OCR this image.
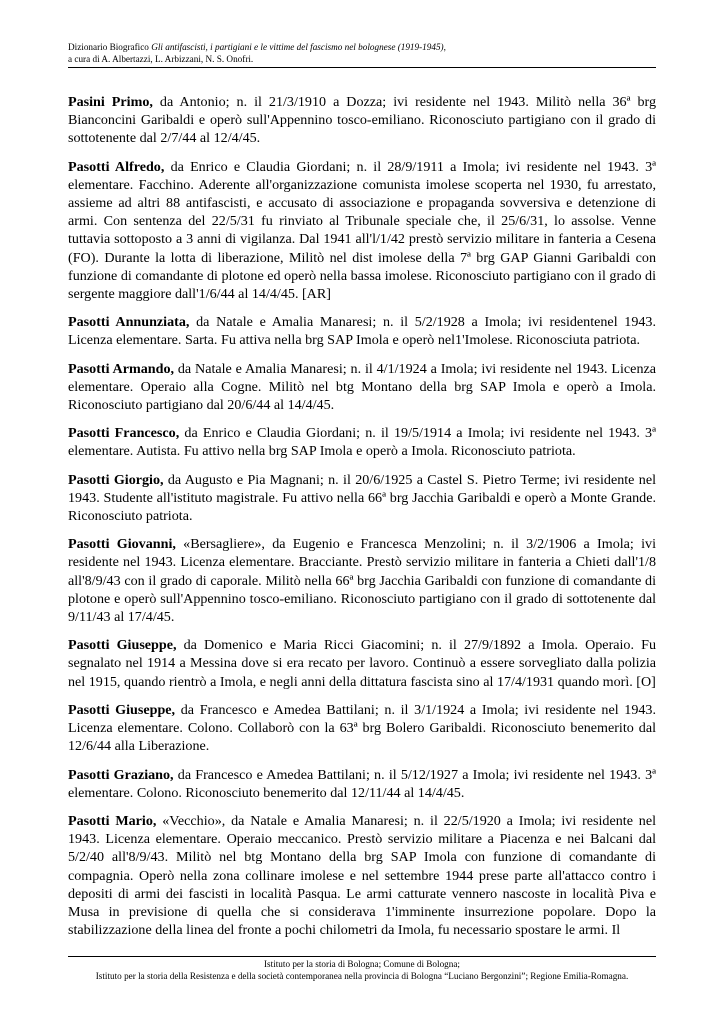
Dizionario Biografico Gli antifascisti, i partigiani e le vittime del fascismo nel bolognese (1919-1945),
a cura di A. Albertazzi, L. Arbizzani, N. S. Onofri.

Pasini Primo, da Antonio; n. il 21/3/1910 a Dozza; ivi residente nel 1943. Militò nella 36ª brg Bianconcini Garibaldi e operò sull'Appennino tosco-emiliano. Riconosciuto partigiano con il grado di sottotenente dal 2/7/44 al 12/4/45.

Pasotti Alfredo, da Enrico e Claudia Giordani; n. il 28/9/1911 a Imola; ivi residente nel 1943. 3ª elementare. Facchino. Aderente all'organizzazione comunista imolese scoperta nel 1930, fu arrestato, assieme ad altri 88 antifascisti, e accusato di associazione e propaganda sovversiva e detenzione di armi. Con sentenza del 22/5/31 fu rinviato al Tribunale speciale che, il 25/6/31, lo assolse. Venne tuttavia sottoposto a 3 anni di vigilanza. Dal 1941 all'l/1/42 prestò servizio militare in fanteria a Cesena (FO). Durante la lotta di liberazione, Militò nel dist imolese della 7ª brg GAP Gianni Garibaldi con funzione di comandante di plotone ed operò nella bassa imolese. Riconosciuto partigiano con il grado di sergente maggiore dall'1/6/44 al 14/4/45. [AR]

Pasotti Annunziata, da Natale e Amalia Manaresi; n. il 5/2/1928 a Imola; ivi residentenel 1943. Licenza elementare. Sarta. Fu attiva nella brg SAP Imola e operò nel1'Imolese. Riconosciuta patriota.

Pasotti Armando, da Natale e Amalia Manaresi; n. il 4/1/1924 a Imola; ivi residente nel 1943. Licenza elementare. Operaio alla Cogne. Militò nel btg Montano della brg SAP Imola e operò a Imola. Riconosciuto partigiano dal 20/6/44 al 14/4/45.

Pasotti Francesco, da Enrico e Claudia Giordani; n. il 19/5/1914 a Imola; ivi residente nel 1943. 3ª elementare. Autista. Fu attivo nella brg SAP Imola e operò a Imola. Riconosciuto patriota.

Pasotti Giorgio, da Augusto e Pia Magnani; n. il 20/6/1925 a Castel S. Pietro Terme; ivi residente nel 1943. Studente all'istituto magistrale. Fu attivo nella 66ª brg Jacchia Garibaldi e operò a Monte Grande. Riconosciuto patriota.

Pasotti Giovanni, «Bersagliere», da Eugenio e Francesca Menzolini; n. il 3/2/1906 a Imola; ivi residente nel 1943. Licenza elementare. Bracciante. Prestò servizio militare in fanteria a Chieti dall'1/8 all'8/9/43 con il grado di caporale. Militò nella 66ª brg Jacchia Garibaldi con funzione di comandante di plotone e operò sull'Appennino tosco-emiliano. Riconosciuto partigiano con il grado di sottotenente dal 9/11/43 al 17/4/45.

Pasotti Giuseppe, da Domenico e Maria Ricci Giacomini; n. il 27/9/1892 a Imola. Operaio. Fu segnalato nel 1914 a Messina dove si era recato per lavoro. Continuò a essere sorvegliato dalla polizia nel 1915, quando rientrò a Imola, e negli anni della dittatura fascista sino al 17/4/1931 quando morì. [O]

Pasotti Giuseppe, da Francesco e Amedea Battilani; n. il 3/1/1924 a Imola; ivi residente nel 1943. Licenza elementare. Colono. Collaborò con la 63ª brg Bolero Garibaldi. Riconosciuto benemerito dal 12/6/44 alla Liberazione.

Pasotti Graziano, da Francesco e Amedea Battilani; n. il 5/12/1927 a Imola; ivi residente nel 1943. 3ª elementare. Colono. Riconosciuto benemerito dal 12/11/44 al 14/4/45.

Pasotti Mario, «Vecchio», da Natale e Amalia Manaresi; n. il 22/5/1920 a Imola; ivi residente nel 1943. Licenza elementare. Operaio meccanico. Prestò servizio militare a Piacenza e nei Balcani dal 5/2/40 all'8/9/43. Militò nel btg Montano della brg SAP Imola con funzione di comandante di compagnia. Operò nella zona collinare imolese e nel settembre 1944 prese parte all'attacco contro i depositi di armi dei fascisti in località Pasqua. Le armi catturate vennero nascoste in località Piva e Musa in previsione di quella che si considerava 1'imminente insurrezione popolare. Dopo la stabilizzazione della linea del fronte a pochi chilometri da Imola, fu necessario spostare le armi. Il

Istituto per la storia di Bologna; Comune di Bologna;
Istituto per la storia della Resistenza e della società contemporanea nella provincia di Bologna “Luciano Bergonzini”; Regione Emilia-Romagna.
